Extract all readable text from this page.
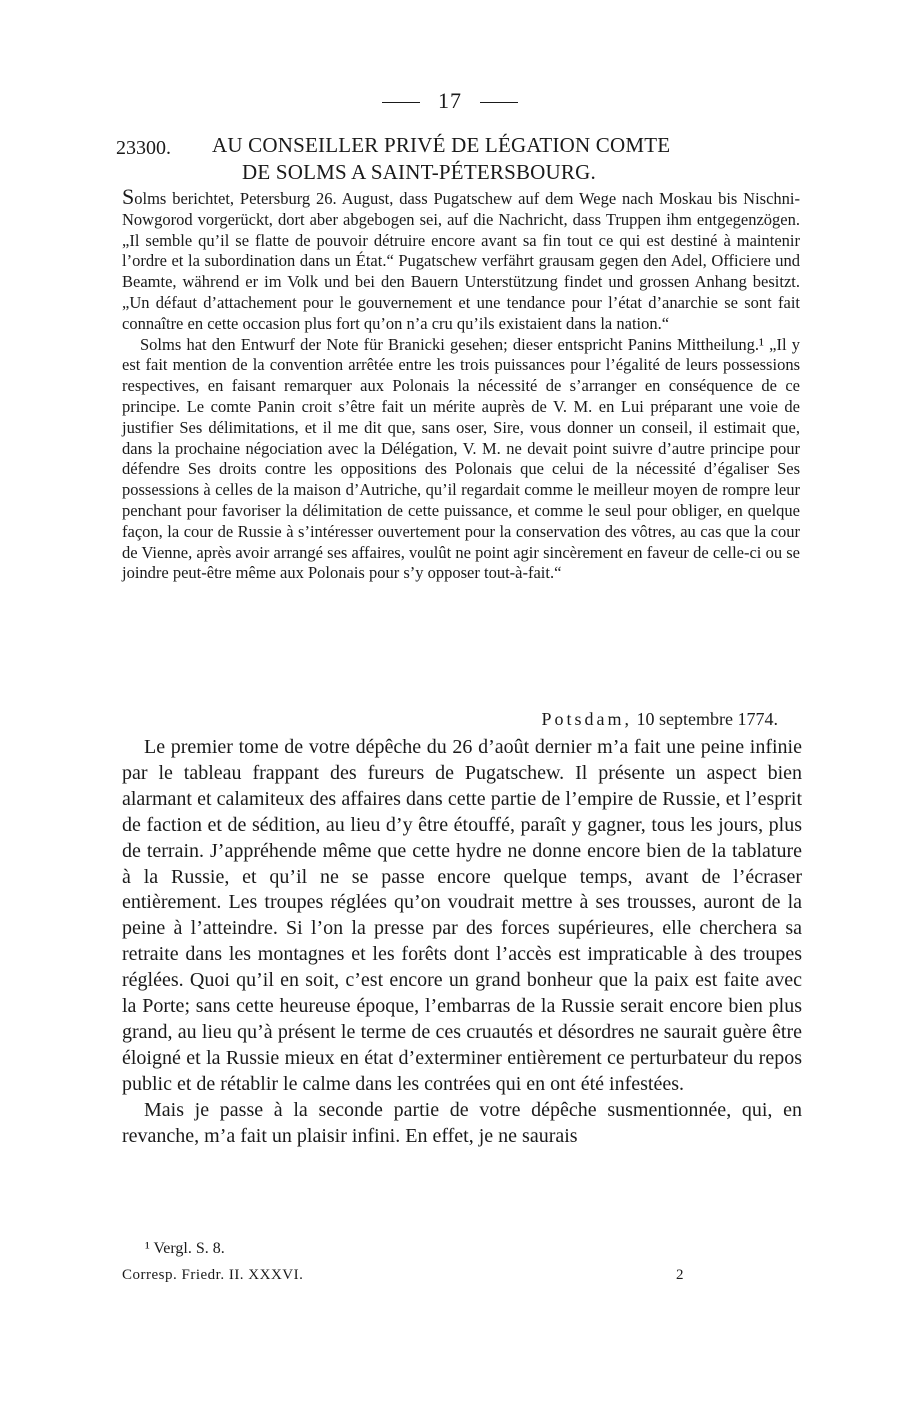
17
23300. AU CONSEILLER PRIVÉ DE LÉGATION COMTE
DE SOLMS A SAINT-PÉTERSBOURG.

Solms berichtet, Petersburg 26. August, dass Pugatschew auf dem Wege nach Moskau bis Nischni-Nowgorod vorgerückt, dort aber abgebogen sei, auf die Nachricht, dass Truppen ihm entgegenzögen. „Il semble qu’il se flatte de pouvoir détruire encore avant sa fin tout ce qui est destiné à maintenir l’ordre et la subordination dans un État.“ Pugatschew verfährt grausam gegen den Adel, Officiere und Beamte, während er im Volk und bei den Bauern Unterstützung findet und grossen Anhang besitzt. „Un défaut d’attachement pour le gouvernement et une tendance pour l’état d’anarchie se sont fait connaître en cette occasion plus fort qu’on n’a cru qu’ils existaient dans la nation.“

Solms hat den Entwurf der Note für Branicki gesehen; dieser entspricht Panins Mittheilung.¹ „Il y est fait mention de la convention arrêtée entre les trois puissances pour l’égalité de leurs possessions respectives, en faisant remarquer aux Polonais la nécessité de s’arranger en conséquence de ce principe. Le comte Panin croit s’être fait un mérite auprès de V. M. en Lui préparant une voie de justifier Ses délimitations, et il me dit que, sans oser, Sire, vous donner un conseil, il estimait que, dans la prochaine négociation avec la Délégation, V. M. ne devait point suivre d’autre principe pour défendre Ses droits contre les oppositions des Polonais que celui de la nécessité d’égaliser Ses possessions à celles de la maison d’Autriche, qu’il regardait comme le meilleur moyen de rompre leur penchant pour favoriser la délimitation de cette puissance, et comme le seul pour obliger, en quelque façon, la cour de Russie à s’intéresser ouvertement pour la conservation des vôtres, au cas que la cour de Vienne, après avoir arrangé ses affaires, voulût ne point agir sincèrement en faveur de celle-ci ou se joindre peut-être même aux Polonais pour s’y opposer tout-à-fait.“

Potsdam, 10 septembre 1774.

Le premier tome de votre dépêche du 26 d’août dernier m’a fait une peine infinie par le tableau frappant des fureurs de Pugatschew. Il présente un aspect bien alarmant et calamiteux des affaires dans cette partie de l’empire de Russie, et l’esprit de faction et de sédition, au lieu d’y être étouffé, paraît y gagner, tous les jours, plus de terrain. J’appréhende même que cette hydre ne donne encore bien de la tablature à la Russie, et qu’il ne se passe encore quelque temps, avant de l’écraser entièrement. Les troupes réglées qu’on voudrait mettre à ses trousses, auront de la peine à l’atteindre. Si l’on la presse par des forces supérieures, elle cherchera sa retraite dans les montagnes et les forêts dont l’accès est impraticable à des troupes réglées. Quoi qu’il en soit, c’est encore un grand bonheur que la paix est faite avec la Porte; sans cette heureuse époque, l’embarras de la Russie serait encore bien plus grand, au lieu qu’à présent le terme de ces cruautés et désordres ne saurait guère être éloigné et la Russie mieux en état d’exterminer entièrement ce perturbateur du repos public et de rétablir le calme dans les contrées qui en ont été infestées.

Mais je passe à la seconde partie de votre dépêche susmentionnée, qui, en revanche, m’a fait un plaisir infini. En effet, je ne saurais

¹ Vergl. S. 8.
Corresp. Friedr. II. XXXVI.	2
